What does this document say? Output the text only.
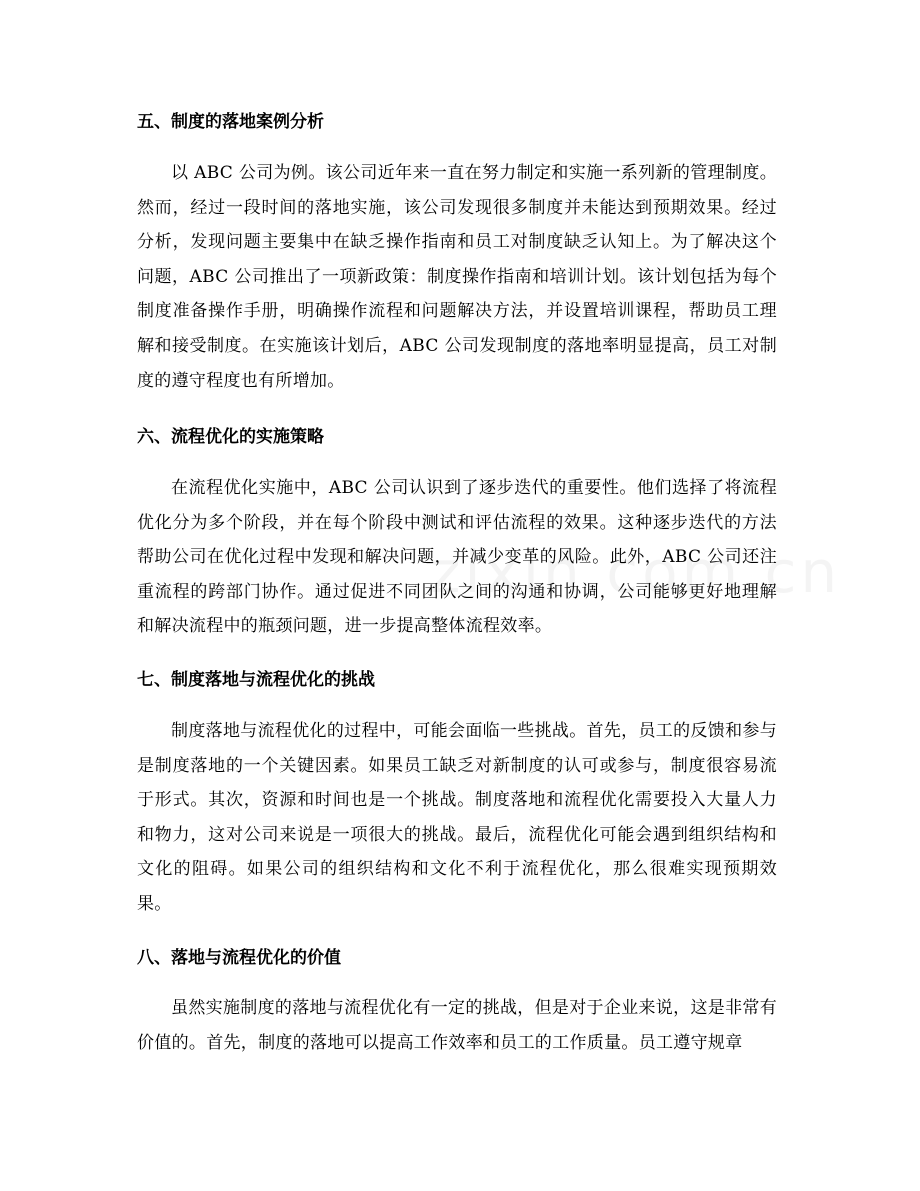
五、制度的落地案例分析

以 ABC 公司为例。该公司近年来一直在努力制定和实施一系列新的管理制度。然而，经过一段时间的落地实施，该公司发现很多制度并未能达到预期效果。经过分析，发现问题主要集中在缺乏操作指南和员工对制度缺乏认知上。为了解决这个问题，ABC 公司推出了一项新政策：制度操作指南和培训计划。该计划包括为每个制度准备操作手册，明确操作流程和问题解决方法，并设置培训课程，帮助员工理解和接受制度。在实施该计划后，ABC 公司发现制度的落地率明显提高，员工对制度的遵守程度也有所增加。

六、流程优化的实施策略

在流程优化实施中，ABC 公司认识到了逐步迭代的重要性。他们选择了将流程优化分为多个阶段，并在每个阶段中测试和评估流程的效果。这种逐步迭代的方法帮助公司在优化过程中发现和解决问题，并减少变革的风险。此外，ABC 公司还注重流程的跨部门协作。通过促进不同团队之间的沟通和协调，公司能够更好地理解和解决流程中的瓶颈问题，进一步提高整体流程效率。

七、制度落地与流程优化的挑战

制度落地与流程优化的过程中，可能会面临一些挑战。首先，员工的反馈和参与是制度落地的一个关键因素。如果员工缺乏对新制度的认可或参与，制度很容易流于形式。其次，资源和时间也是一个挑战。制度落地和流程优化需要投入大量人力和物力，这对公司来说是一项很大的挑战。最后，流程优化可能会遇到组织结构和文化的阻碍。如果公司的组织结构和文化不利于流程优化，那么很难实现预期效果。

八、落地与流程优化的价值

虽然实施制度的落地与流程优化有一定的挑战，但是对于企业来说，这是非常有价值的。首先，制度的落地可以提高工作效率和员工的工作质量。员工遵守规章
